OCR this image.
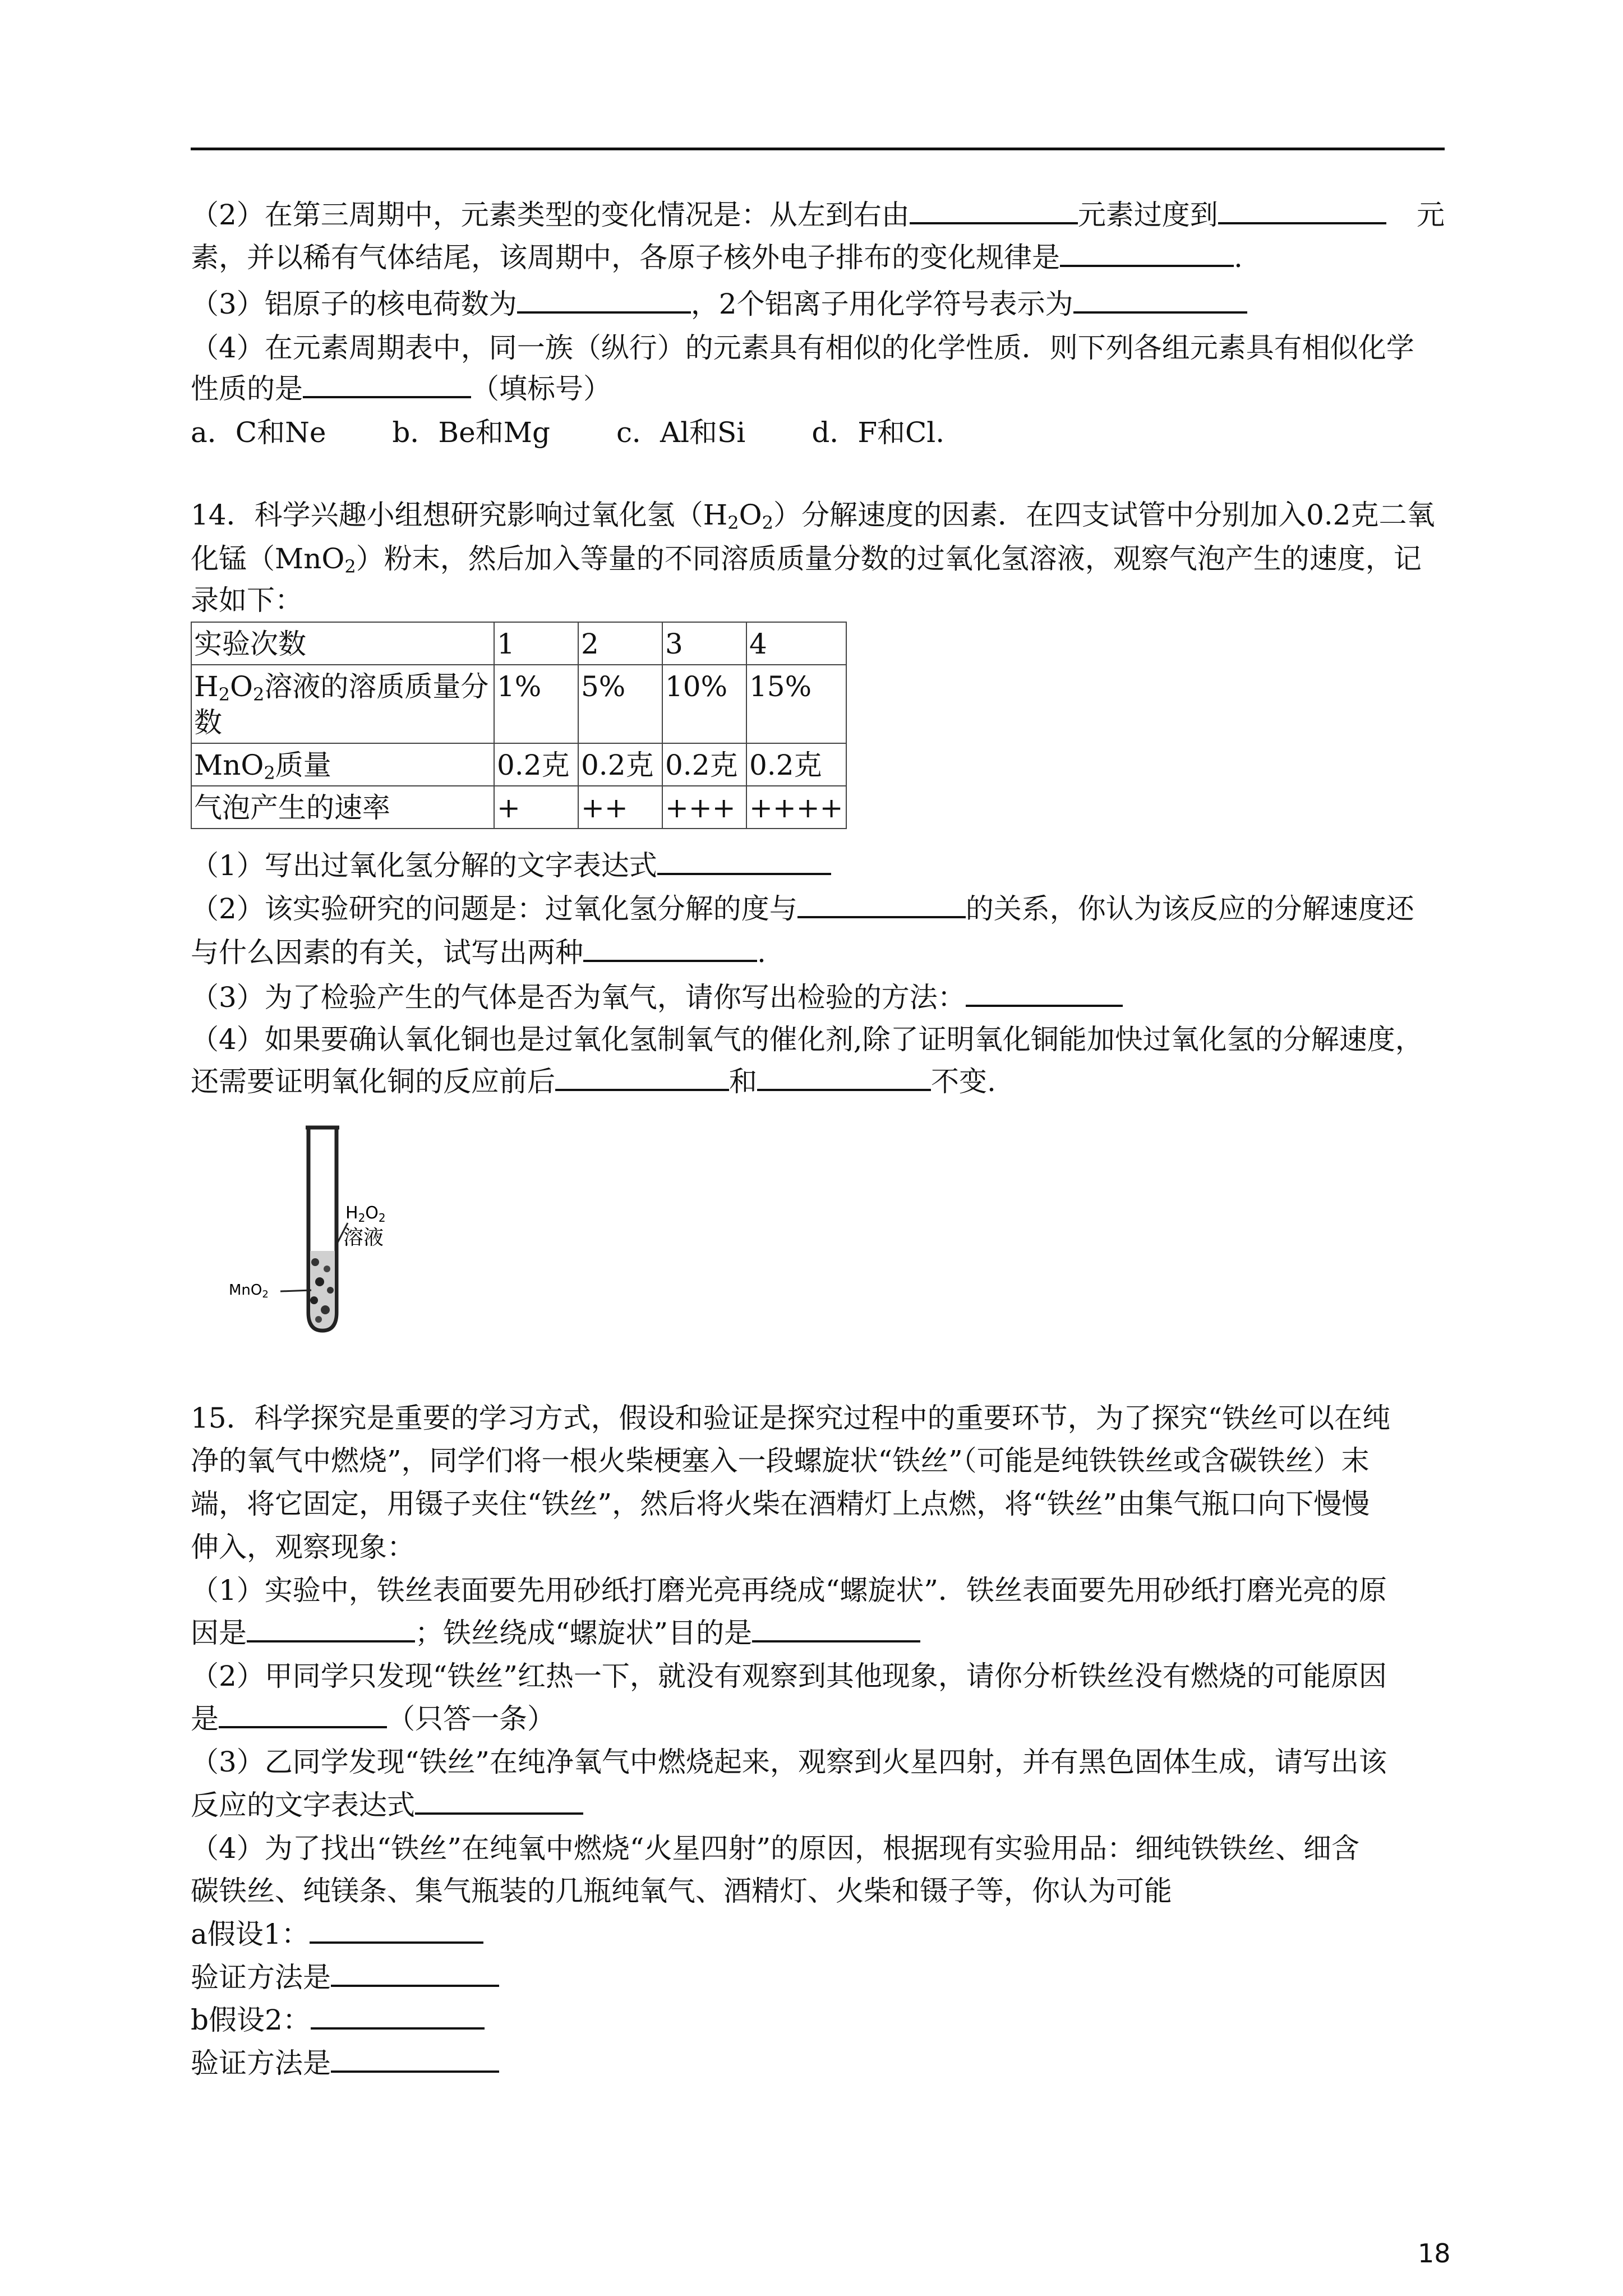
（2）在第三周期中，元素类型的变化情况是：从左到右由	元素过度到	元
素，并以稀有气体结尾，该周期中，各原子核外电子排布的变化规律是	.
（3）铝原子的核电荷数为	，2个铝离子用化学符号表示为
（4）在元素周期表中，同一族（纵行）的元素具有相似的化学性质．则下列各组元素具有相似化学
性质的是	（填标号）
a．C和Ne b．Be和Mg c．Al和Si d．F和Cl.
14．科学兴趣小组想研究影响过氧化氢$(H_2O_2)$分解速度的因素．在四支试管中分别加入0.2克二氧
化锰（MnO$_2$）粉末，然后加入等量的不同溶质质量分数的过氧化氢溶液，观察气泡产生的速度，记
录如下：
实验次数	1	2	3	4
$H_2O_2$溶液的溶质质量分
数	1%	5%	10%	15%
MnO$_2$质量	0.2克	0.2克	0.2克	0.2克
气泡产生的速率	+	++	+++	++++
（1）写出过氧化氢分解的文字表达式
（2）该实验研究的问题是：过氧化氢分解的度与	的关系，你认为该反应的分解速度还
与什么因素的有关，试写出两种	.
（3）为了检验产生的气体是否为氧气，请你写出检验的方法：
（4）如果要确认氧化铜也是过氧化氢制氧气的催化剂,除了证明氧化铜能加快过氧化氢的分解速度，
还需要证明氧化铜的反应前后	和	不变.
$H_2O_2$
溶液
MnO2
15．科学探究是重要的学习方式，假设和验证是探究过程中的重要环节，为了探究“铁丝可以在纯
净的氧气中燃烧”，同学们将一根火柴梗塞入一段螺旋状“铁丝”（可能是纯铁铁丝或含碳铁丝）末
端，将它固定，用镊子夹住“铁丝”，然后将火柴在酒精灯上点燃，将“铁丝”由集气瓶口向下慢慢
伸入，观察现象：
（1）实验中，铁丝表面要先用砂纸打磨光亮再绕成“螺旋状”．铁丝表面要先用砂纸打磨光亮的原
因是	；铁丝绕成“螺旋状”目的是
（2）甲同学只发现“铁丝”红热一下，就没有观察到其他现象，请你分析铁丝没有燃烧的可能原因
是	（只答一条）
（3）乙同学发现“铁丝”在纯净氧气中燃烧起来，观察到火星四射，并有黑色固体生成，请写出该
反应的文字表达式
（4）为了找出“铁丝”在纯氧中燃烧“火星四射”的原因，根据现有实验用品：细纯铁铁丝、细含
碳铁丝、纯镁条、集气瓶装的几瓶纯氧气、酒精灯、火柴和镊子等，你认为可能
a假设1：
验证方法是
b假设2：
验证方法是
18
